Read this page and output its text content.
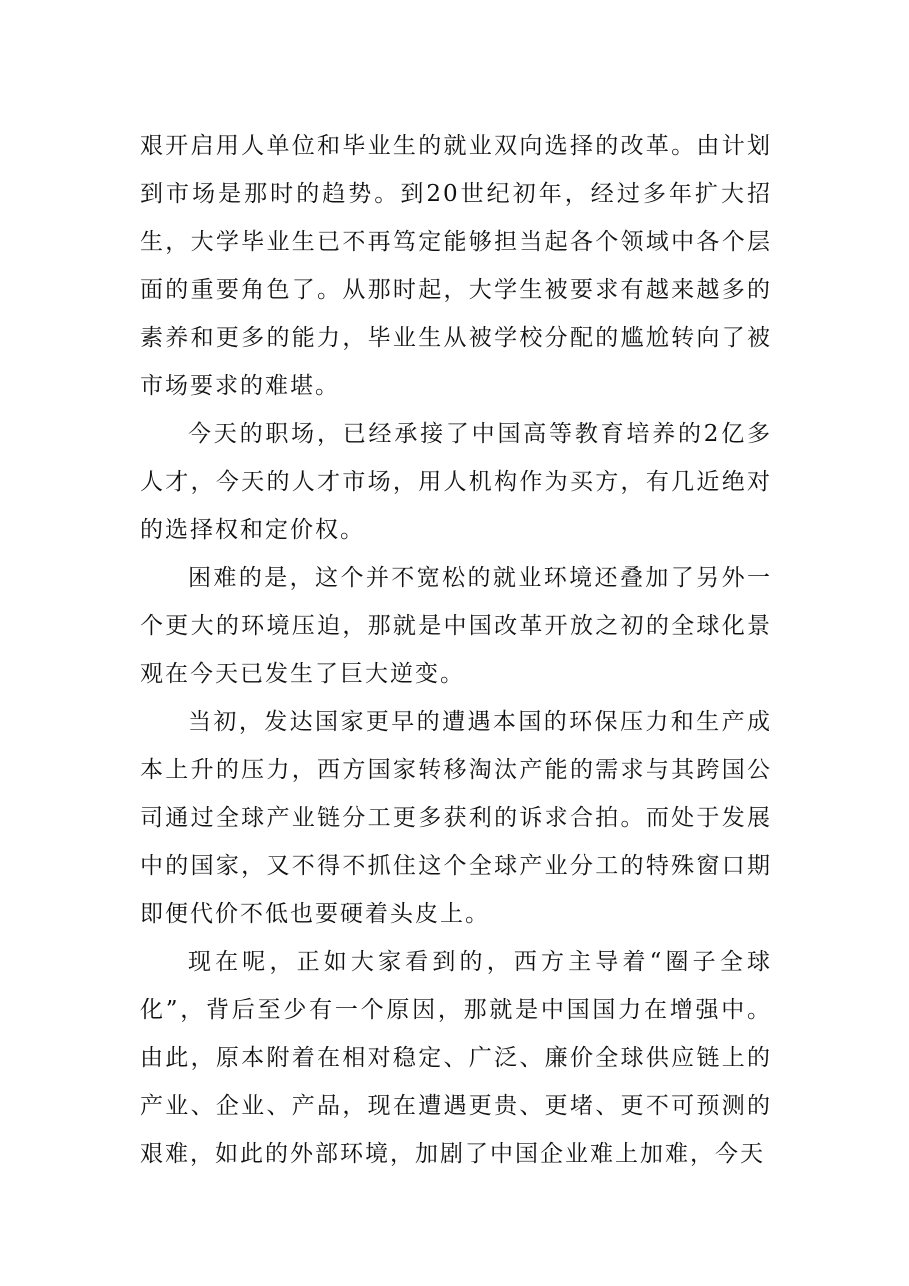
艰开启用人单位和毕业生的就业双向选择的改革。由计划到市场是那时的趋势。到20世纪初年，经过多年扩大招生，大学毕业生已不再笃定能够担当起各个领域中各个层面的重要角色了。从那时起，大学生被要求有越来越多的素养和更多的能力，毕业生从被学校分配的尴尬转向了被市场要求的难堪。

今天的职场，已经承接了中国高等教育培养的2亿多人才，今天的人才市场，用人机构作为买方，有几近绝对的选择权和定价权。

困难的是，这个并不宽松的就业环境还叠加了另外一个更大的环境压迫，那就是中国改革开放之初的全球化景观在今天已发生了巨大逆变。

当初，发达国家更早的遭遇本国的环保压力和生产成本上升的压力，西方国家转移淘汰产能的需求与其跨国公司通过全球产业链分工更多获利的诉求合拍。而处于发展中的国家，又不得不抓住这个全球产业分工的特殊窗口期即便代价不低也要硬着头皮上。

现在呢，正如大家看到的，西方主导着“圈子全球化”，背后至少有一个原因，那就是中国国力在增强中。由此，原本附着在相对稳定、广泛、廉价全球供应链上的产业、企业、产品，现在遭遇更贵、更堵、更不可预测的艰难，如此的外部环境，加剧了中国企业难上加难，今天
